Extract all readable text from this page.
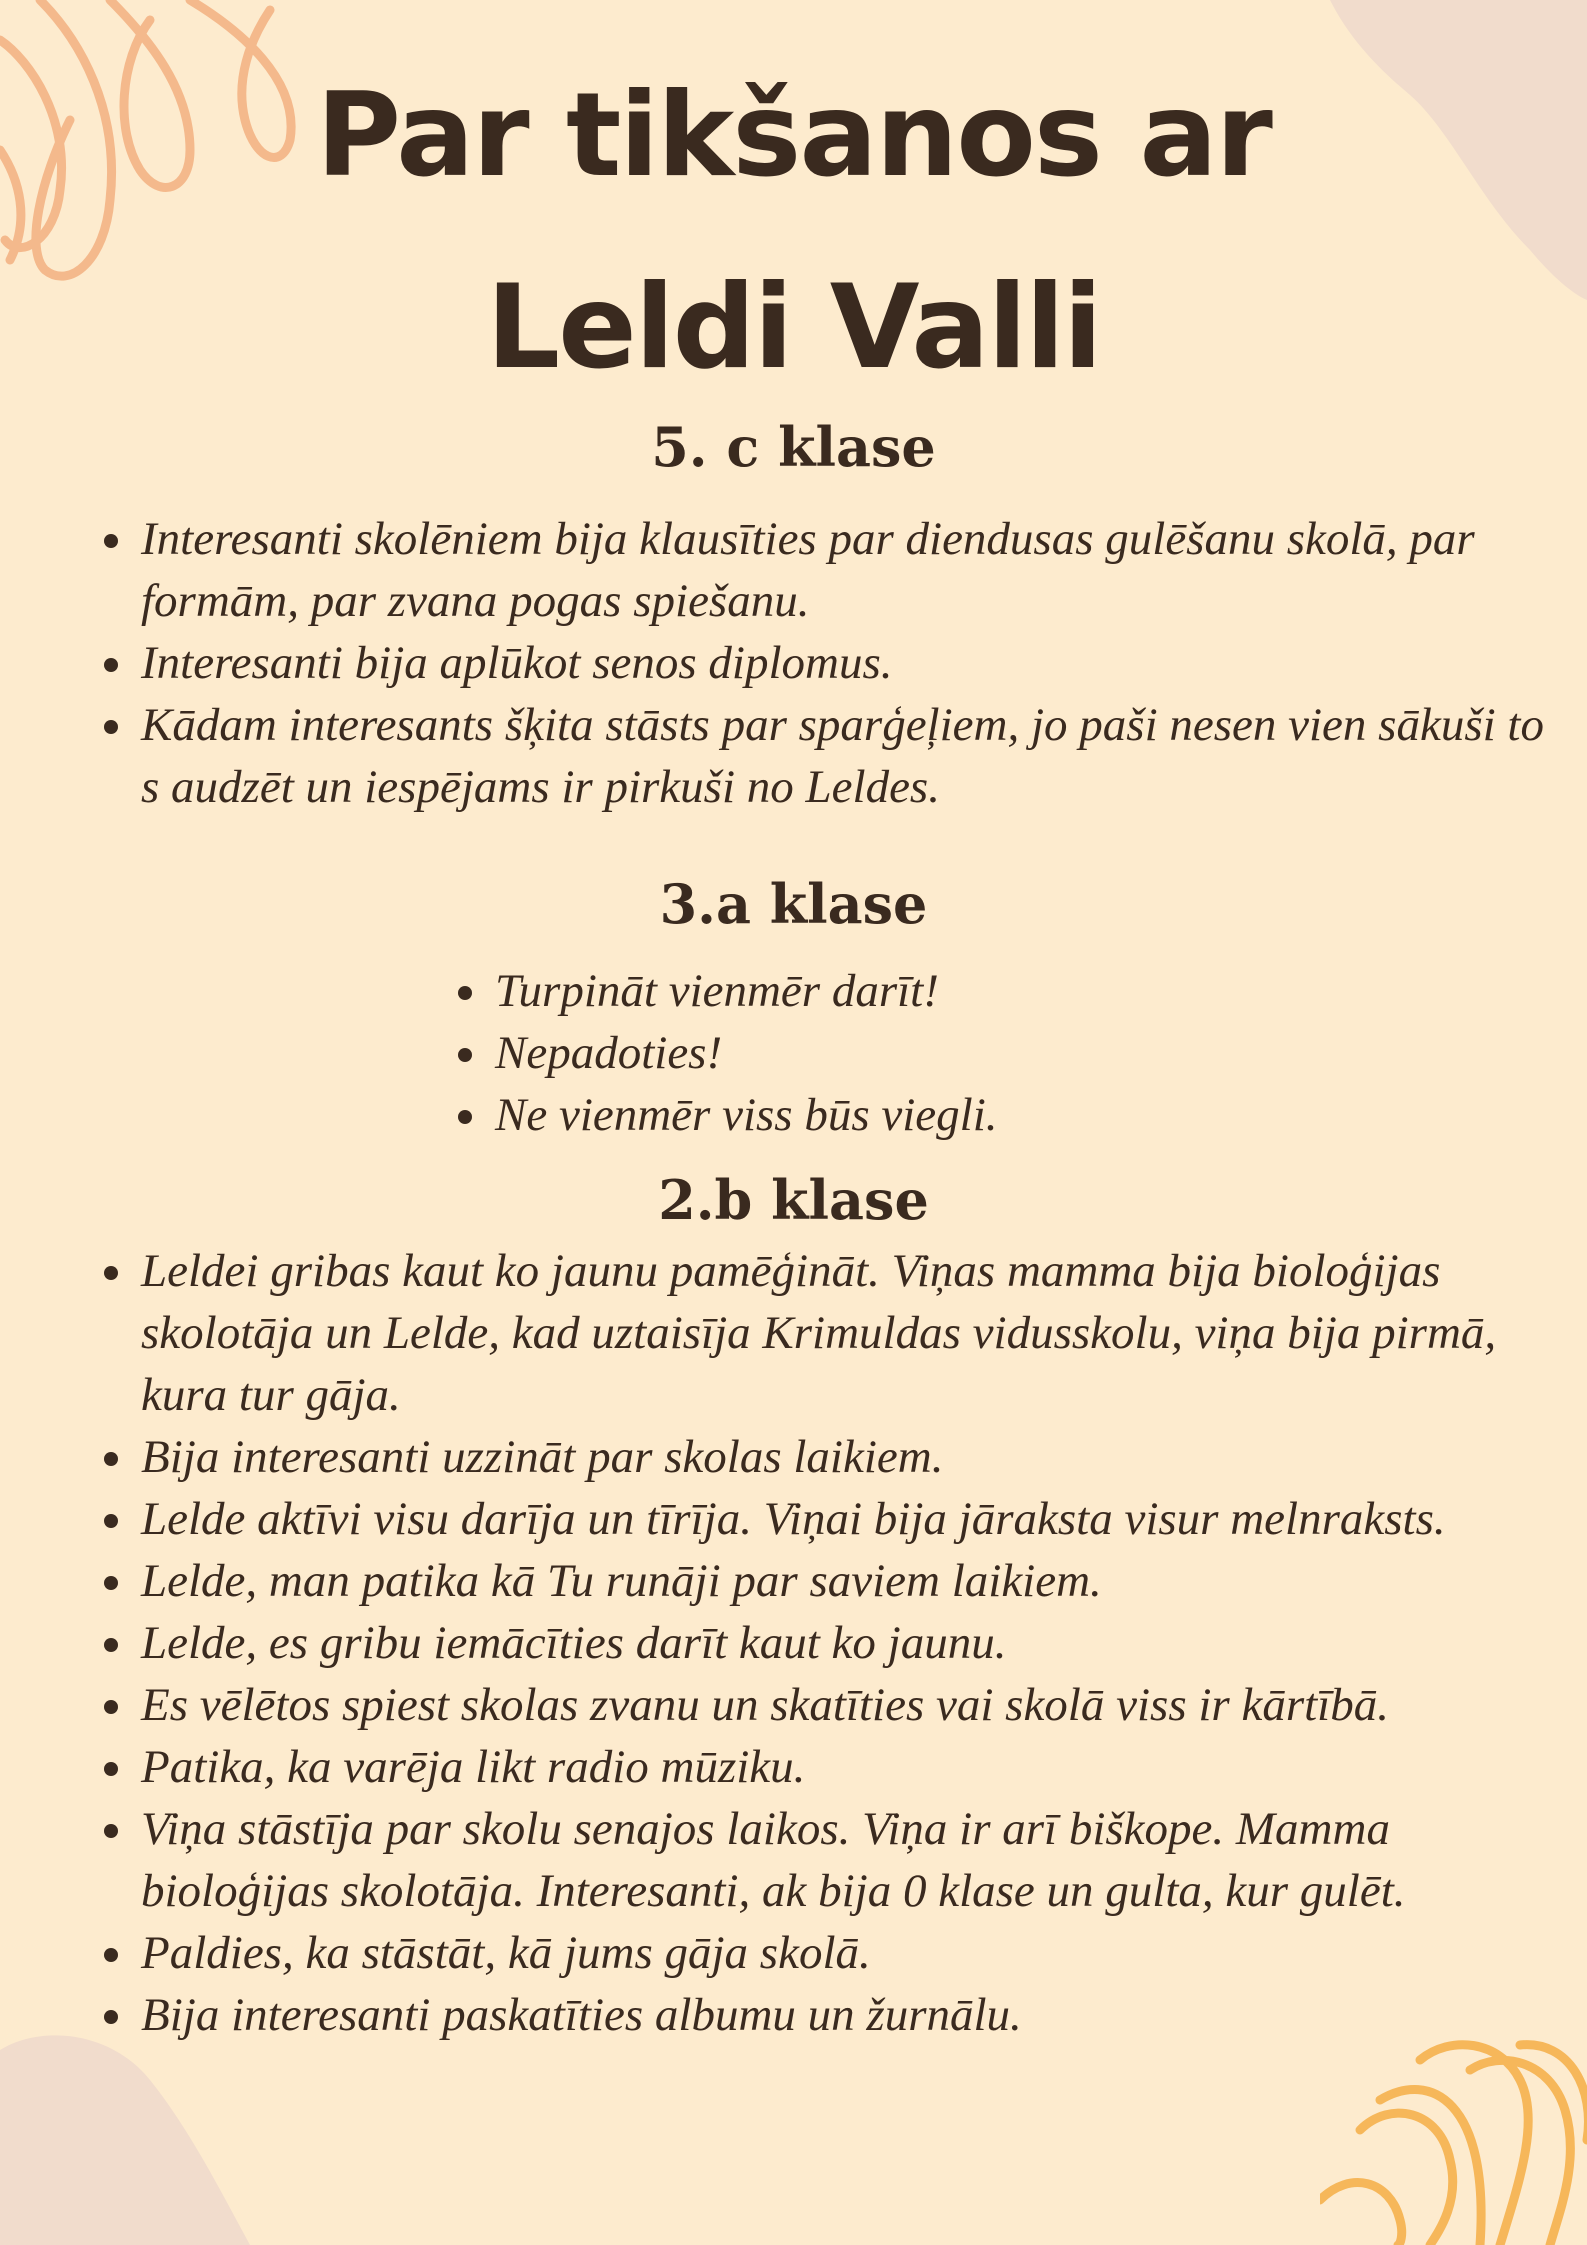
Par tikšanos ar
Leldi Valli
5. c klase
Interesanti skolēniem bija klausīties par diendusas gulēšanu skolā, par formām, par zvana pogas spiešanu.
Interesanti bija aplūkot senos diplomus.
Kādam interesants šķita stāsts par sparģeļiem, jo paši nesen vien sākuši to s audzēt un iespējams ir pirkuši no Leldes.
3.a klase
Turpināt vienmēr darīt!
Nepadoties!
Ne vienmēr viss būs viegli.
2.b klase
Leldei gribas kaut ko jaunu pamēģināt. Viņas mamma bija bioloģijas skolotāja un Lelde, kad uztaisīja Krimuldas vidusskolu, viņa bija pirmā, kura tur gāja.
Bija interesanti uzzināt par skolas laikiem.
Lelde aktīvi visu darīja un tīrīja. Viņai bija jāraksta visur melnraksts.
Lelde, man patika kā Tu runāji par saviem laikiem.
Lelde, es gribu iemācīties darīt kaut ko jaunu.
Es vēlētos spiest skolas zvanu un skatīties vai skolā viss ir kārtībā.
Patika, ka varēja likt radio mūziku.
Viņa stāstīja par skolu senajos laikos. Viņa ir arī biškope. Mamma bioloģijas skolotāja. Interesanti, ak bija 0 klase un gulta, kur gulēt.
Paldies, ka stāstāt, kā jums gāja skolā.
Bija interesanti paskatīties albumu un žurnālu.
